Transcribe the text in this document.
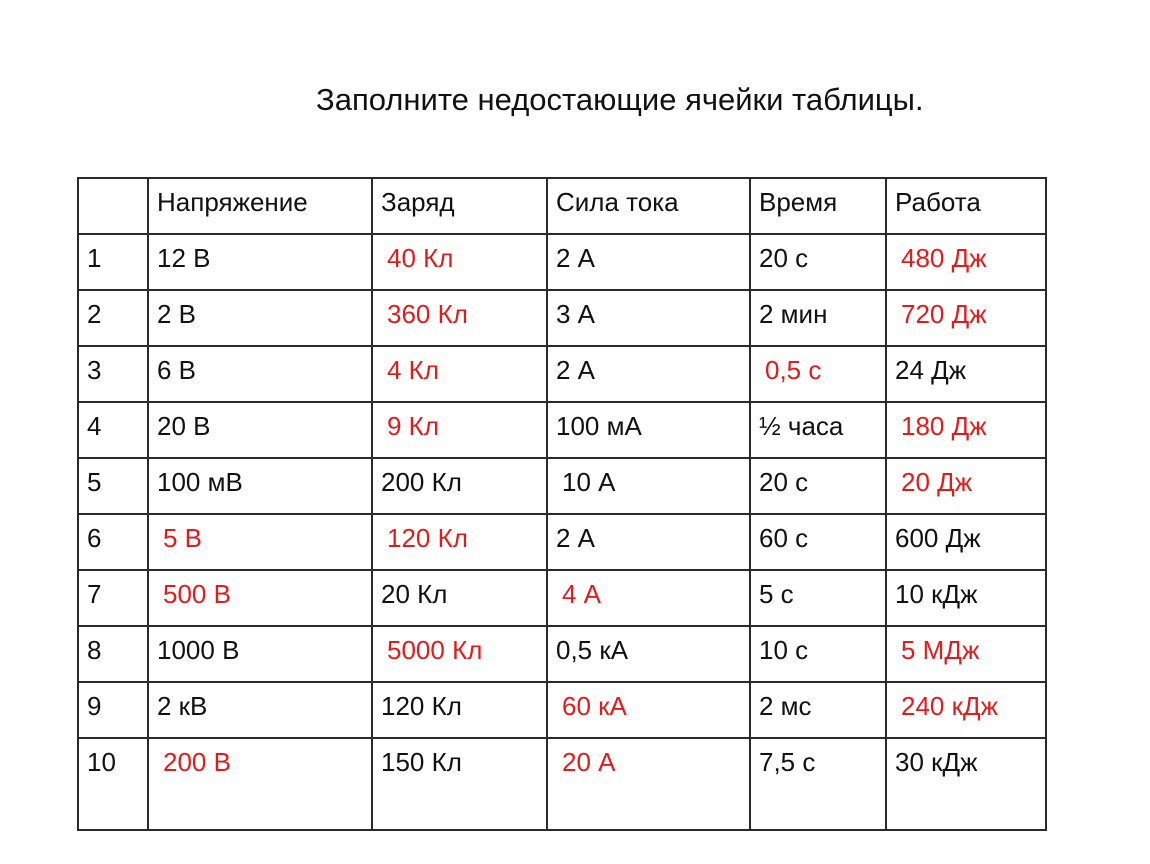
Заполните недостающие ячейки таблицы.
	Напряжение	Заряд	Сила тока	Время	Работа
1	12 В	40 Кл	2 А	20 с	480 Дж
2	2 В	360 Кл	3 А	2 мин	720 Дж
3	6 В	4 Кл	2 А	0,5 с	24 Дж
4	20 В	9 Кл	100 мА	½ часа	180 Дж
5	100 мВ	200 Кл	10 А	20 с	20 Дж
6	5 В	120 Кл	2 А	60 с	600 Дж
7	500 В	20 Кл	4 А	5 с	10 кДж
8	1000 В	5000 Кл	0,5 кА	10 с	5 МДж
9	2 кВ	120 Кл	60 кА	2 мс	240 кДж
10	200 В	150 Кл	20 А	7,5 с	30 кДж
